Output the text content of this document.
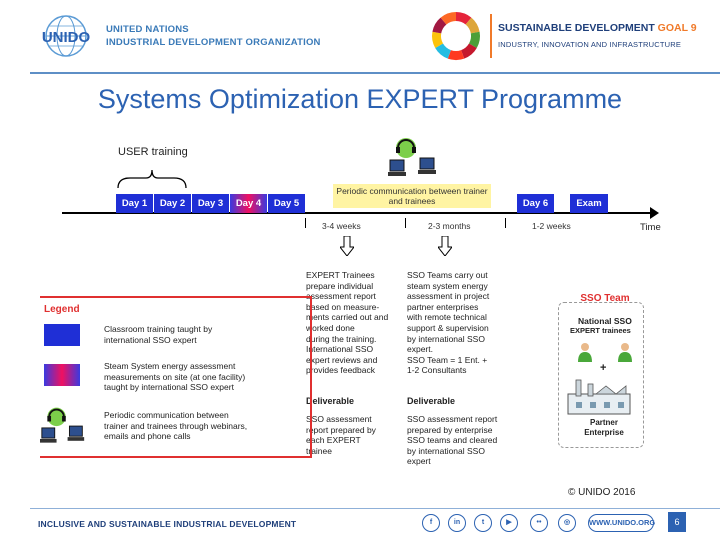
UNIDO UNITED NATIONS
INDUSTRIAL DEVELOPMENT ORGANIZATION
SUSTAINABLE DEVELOPMENT GOAL 9
INDUSTRY, INNOVATION AND INFRASTRUCTURE
Systems Optimization EXPERT Programme
USER training
Periodic communication between trainer and trainees
Day 1	Day 2	Day 3	Day 4	Day 5	Day 6	Exam
Time
3-4 weeks	2-3 months	1-2 weeks
EXPERT Trainees
prepare individual
assessment report
based on measure-
ments carried out and
worked done
during the training.
International SSO
expert reviews and
provides feedback
Deliverable
SSO assessment
report prepared by
each EXPERT
trainee
SSO Teams carry out
steam system energy
assessment in project
partner enterprises
with remote technical
support & supervision
by international SSO
expert.
SSO Team = 1 Ent. +
1-2 Consultants
Deliverable
SSO assessment report
prepared by enterprise
SSO teams and cleared
by international SSO
expert
Legend
Classroom training taught by
international SSO expert
Steam System energy assessment
measurements on site (at one facility)
taught by international SSO expert
Periodic communication between
trainer and trainees through webinars,
emails and phone calls
SSO Team
National SSO
EXPERT trainees
+
Partner
Enterprise
© UNIDO 2016
INCLUSIVE AND SUSTAINABLE INDUSTRIAL DEVELOPMENT	f	in	t	▶	••	◎	WWW.UNIDO.ORG	6
